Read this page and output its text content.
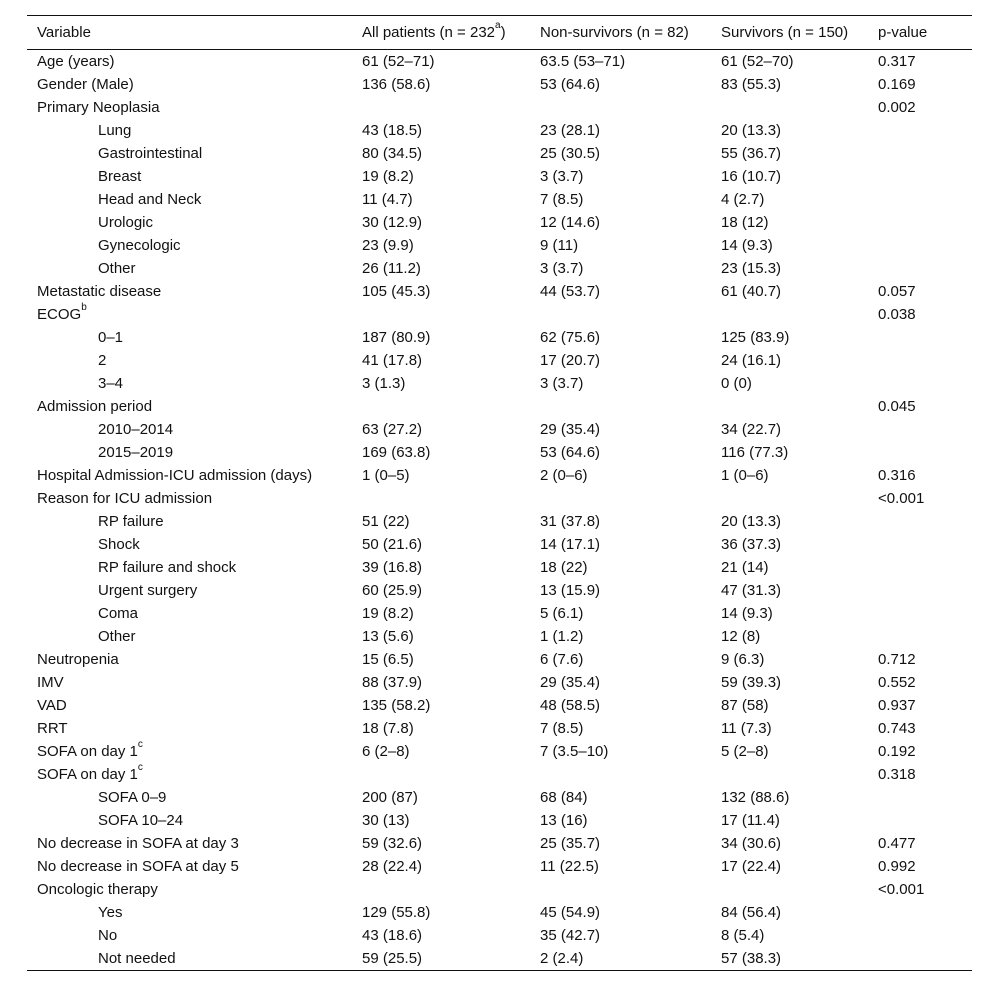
Variable	All patients $(n = 232^a)$	Non-survivors (n = 82)	Survivors (n = 150)	p-value
Age (years)	61 (52–71)	63.5 (53–71)	61 (52–70)	0.317
Gender (Male)	136 (58.6)	53 (64.6)	83 (55.3)	0.169
Primary Neoplasia				0.002
Lung	43 (18.5)	23 (28.1)	20 (13.3)	
Gastrointestinal	80 (34.5)	25 (30.5)	55 (36.7)	
Breast	19 (8.2)	3 (3.7)	16 (10.7)	
Head and Neck	11 (4.7)	7 (8.5)	4 (2.7)	
Urologic	30 (12.9)	12 (14.6)	18 (12)	
Gynecologic	23 (9.9)	9 (11)	14 (9.3)	
Other	26 (11.2)	3 (3.7)	23 (15.3)	
Metastatic disease	105 (45.3)	44 (53.7)	61 (40.7)	0.057
ECOG$^b$				0.038
0–1	187 (80.9)	62 (75.6)	125 (83.9)	
2	41 (17.8)	17 (20.7)	24 (16.1)	
3–4	3 (1.3)	3 (3.7)	0 (0)	
Admission period				0.045
2010–2014	63 (27.2)	29 (35.4)	34 (22.7)	
2015–2019	169 (63.8)	53 (64.6)	116 (77.3)	
Hospital Admission-ICU admission (days)	1 (0–5)	2 (0–6)	1 (0–6)	0.316
Reason for ICU admission				<0.001
RP failure	51 (22)	31 (37.8)	20 (13.3)	
Shock	50 (21.6)	14 (17.1)	36 (37.3)	
RP failure and shock	39 (16.8)	18 (22)	21 (14)	
Urgent surgery	60 (25.9)	13 (15.9)	47 (31.3)	
Coma	19 (8.2)	5 (6.1)	14 (9.3)	
Other	13 (5.6)	1 (1.2)	12 (8)	
Neutropenia	15 (6.5)	6 (7.6)	9 (6.3)	0.712
IMV	88 (37.9)	29 (35.4)	59 (39.3)	0.552
VAD	135 (58.2)	48 (58.5)	87 (58)	0.937
RRT	18 (7.8)	7 (8.5)	11 (7.3)	0.743
SOFA on day 1$^c$	6 (2–8)	7 (3.5–10)	5 (2–8)	0.192
SOFA on day 1$^c$				0.318
SOFA 0–9	200 (87)	68 (84)	132 (88.6)	
SOFA 10–24	30 (13)	13 (16)	17 (11.4)	
No decrease in SOFA at day 3	59 (32.6)	25 (35.7)	34 (30.6)	0.477
No decrease in SOFA at day 5	28 (22.4)	11 (22.5)	17 (22.4)	0.992
Oncologic therapy				<0.001
Yes	129 (55.8)	45 (54.9)	84 (56.4)	
No	43 (18.6)	35 (42.7)	8 (5.4)	
Not needed	59 (25.5)	2 (2.4)	57 (38.3)	
